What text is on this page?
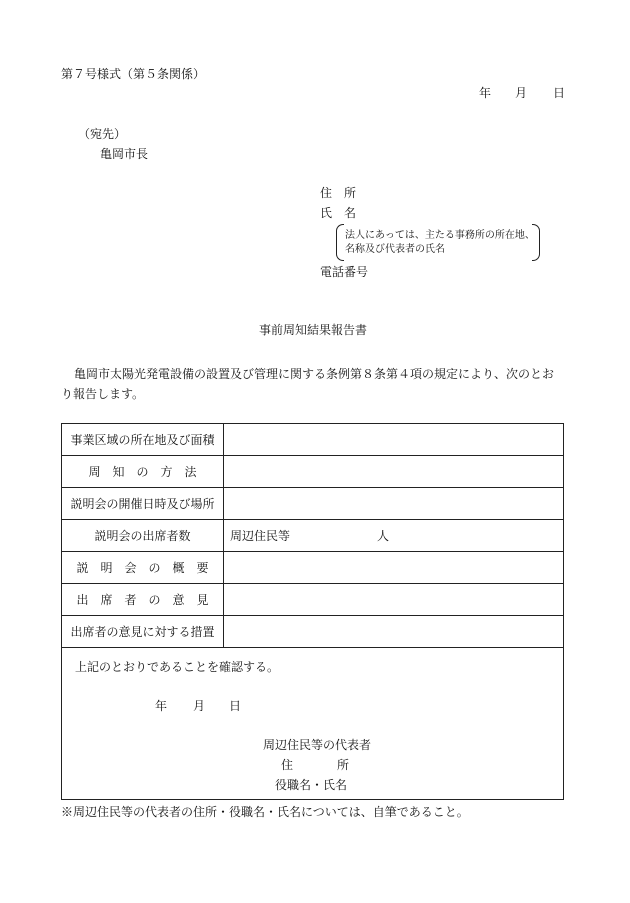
第７号様式（第５条関係）
年 月 日
（宛先）
亀岡市長
住　所
氏　名
法人にあっては、主たる事務所の所在地、
名称及び代表者の氏名
電話番号
事前周知結果報告書
亀岡市太陽光発電設備の設置及び管理に関する条例第８条第４項の規定により、次のとお
り報告します。
事業区域の所在地及び面積
周　知　の　方　法
説明会の開催日時及び場所
説明会の出席者数	周辺住民等	人
説　明　会　の　概　要
出　席　者　の　意　見
出席者の意見に対する措置
上記のとおりであることを確認する。
年 月 日
周辺住民等の代表者
住	所
役職名・氏名
※周辺住民等の代表者の住所・役職名・氏名については、自筆であること。
